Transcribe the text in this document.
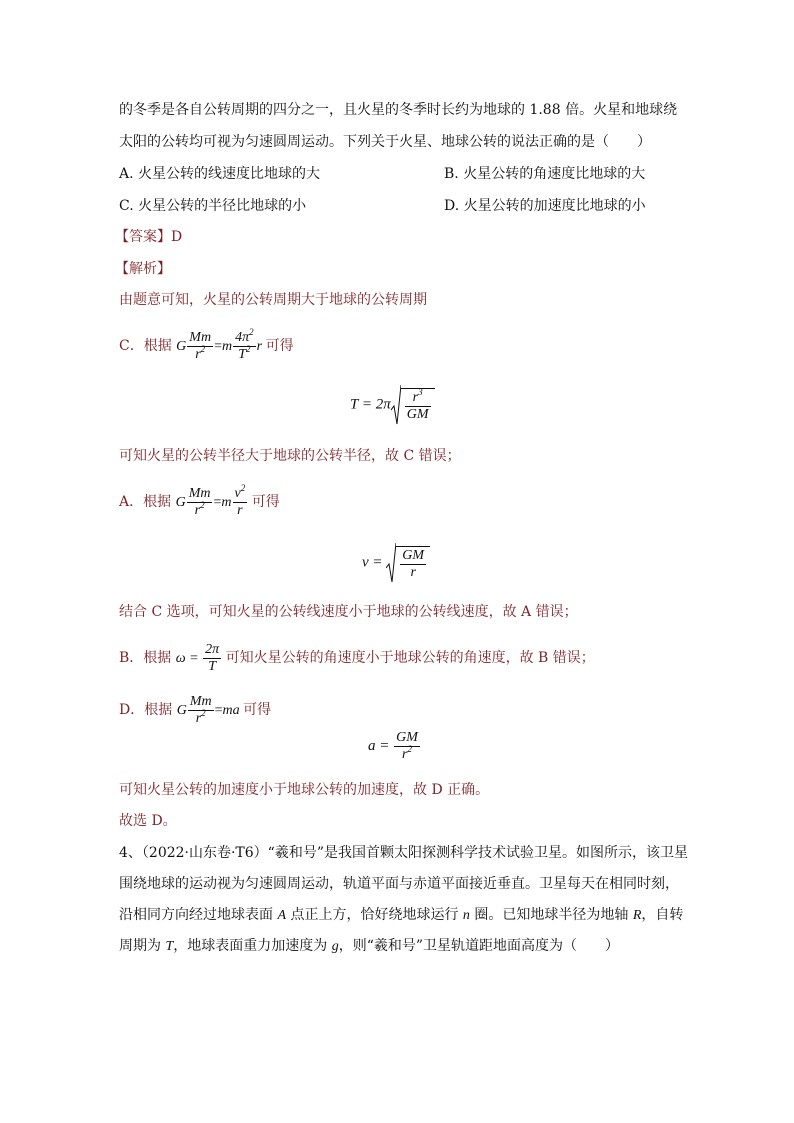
的冬季是各自公转周期的四分之一，且火星的冬季时长约为地球的 1.88 倍。火星和地球绕
太阳的公转均可视为匀速圆周运动。下列关于火星、地球公转的说法正确的是（　　）
A. 火星公转的线速度比地球的大	B. 火星公转的角速度比地球的大
C. 火星公转的半径比地球的小	D. 火星公转的加速度比地球的小
【答案】D
【解析】
由题意可知，火星的公转周期大于地球的公转周期
C．根据 G $\frac{Mm}{r^2} =m \frac{4\pi^2}{T^2}$ r 可得
$T = 2\pi \frac{r^3}{GM}$
可知火星的公转半径大于地球的公转半径，故 C 错误；
A．根据 G $\frac{Mm}{r^2} =m \frac{v^2}{r}$ 可得
$v = \frac{GM}{r}$
结合 C 选项，可知火星的公转线速度小于地球的公转线速度，故 A 错误；
B．根据 $\omega = \frac{2\pi}{T}$ 可知火星公转的角速度小于地球公转的角速度，故 B 错误；
D．根据 G $\frac{Mm}{r^2} =ma$ 可得
$a = \frac{GM}{r^2}$
可知火星公转的加速度小于地球公转的加速度，故 D 正确。
故选 D。
4、（2022·山东卷·T6）“羲和号”是我国首颗太阳探测科学技术试验卫星。如图所示，该卫星
围绕地球的运动视为匀速圆周运动，轨道平面与赤道平面接近垂直。卫星每天在相同时刻，
沿相同方向经过地球表面 A 点正上方，恰好绕地球运行 n 圈。已知地球半径为地轴 R，自转
周期为 T，地球表面重力加速度为 g，则“羲和号”卫星轨道距地面高度为（　　）
